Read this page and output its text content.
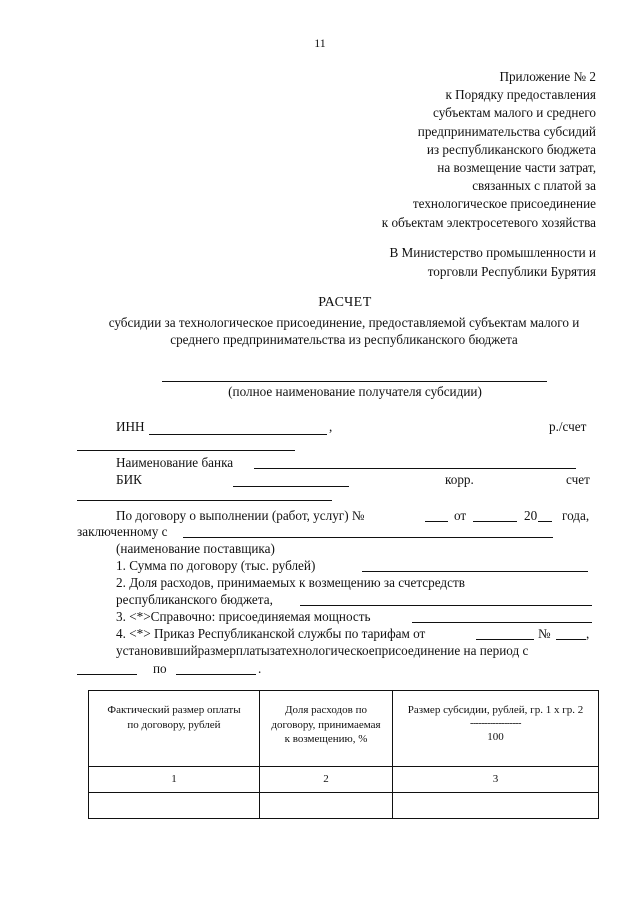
11
Приложение № 2
к Порядку предоставления
субъектам малого и среднего
предпринимательства субсидий
из республиканского бюджета
на возмещение части затрат,
связанных с платой за
технологическое присоединение
к объектам электросетевого хозяйства
В Министерство промышленности и
торговли Республики Бурятия
РАСЧЕТ
субсидии за технологическое присоединение, предоставляемой субъектам малого и среднего предпринимательства из республиканского бюджета
(полное наименование получателя субсидии)
ИНН	,	р./счет
Наименование банка
БИК	корр.	счет
По договору о выполнении (работ, услуг) №	от	20 года,
заключенному с
(наименование поставщика)
1. Сумма по договору (тыс. рублей)
2. Доля расходов, принимаемых к возмещению за счетсредств
республиканского бюджета,
3. <*>Справочно: присоединяемая мощность
4. <*> Приказ Республиканской службы по тарифам от	№	,
установившийразмерплатызатехнологическоеприсоединение на период с
по	.
Фактический размер оплаты по договору, рублей	Доля расходов по договору, принимаемая к возмещению, %	Размер субсидии, рублей, гр. 1 х гр. 2
------------------
100

1	2	3
